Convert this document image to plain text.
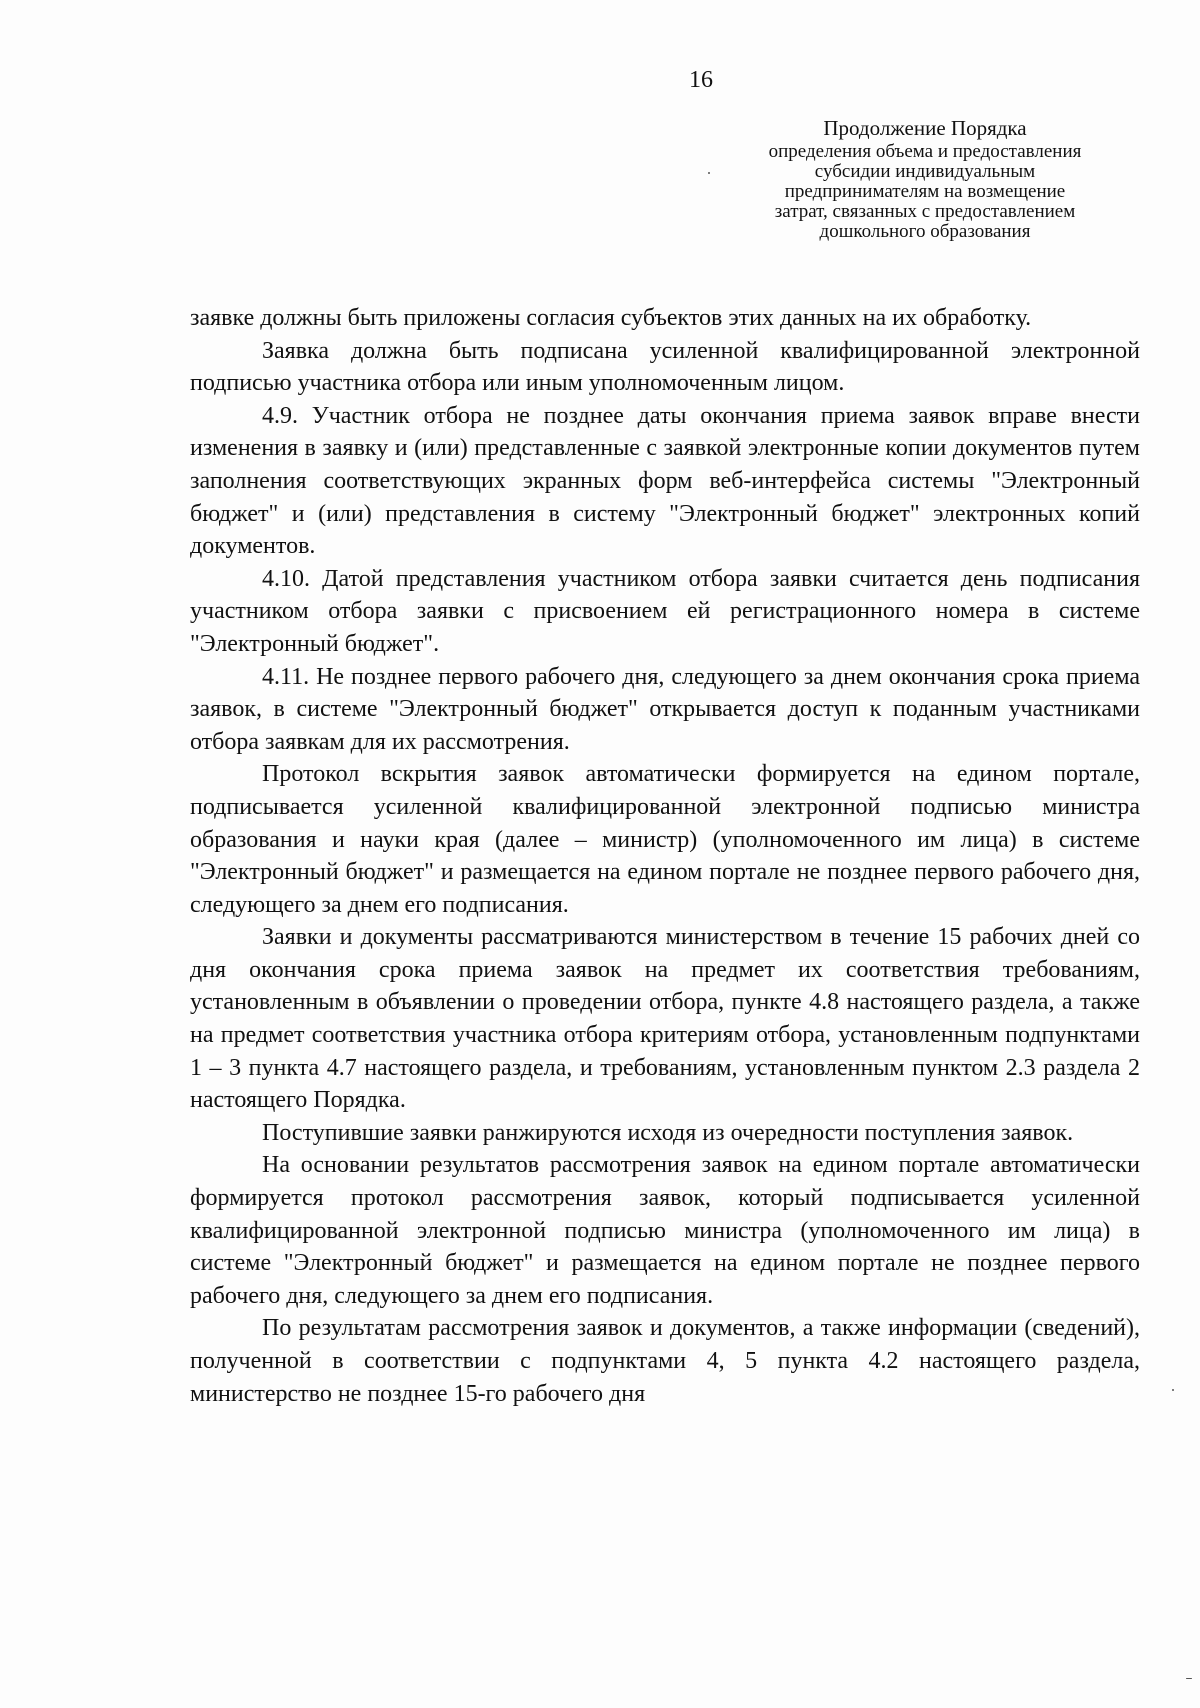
16

Продолжение Порядка
определения объема и предоставления субсидии индивидуальным предпринимателям на возмещение затрат, связанных с предоставлением дошкольного образования

заявке должны быть приложены согласия субъектов этих данных на их обработку.

Заявка должна быть подписана усиленной квалифицированной электронной подписью участника отбора или иным уполномоченным лицом.

4.9. Участник отбора не позднее даты окончания приема заявок вправе внести изменения в заявку и (или) представленные с заявкой электронные копии документов путем заполнения соответствующих экранных форм веб-интерфейса системы "Электронный бюджет" и (или) представления в систему "Электронный бюджет" электронных копий документов.

4.10. Датой представления участником отбора заявки считается день подписания участником отбора заявки с присвоением ей регистрационного номера в системе "Электронный бюджет".

4.11. Не позднее первого рабочего дня, следующего за днем окончания срока приема заявок, в системе "Электронный бюджет" открывается доступ к поданным участниками отбора заявкам для их рассмотрения.

Протокол вскрытия заявок автоматически формируется на едином портале, подписывается усиленной квалифицированной электронной подписью министра образования и науки края (далее – министр) (уполномоченного им лица) в системе "Электронный бюджет" и размещается на едином портале не позднее первого рабочего дня, следующего за днем его подписания.

Заявки и документы рассматриваются министерством в течение 15 рабочих дней со дня окончания срока приема заявок на предмет их соответствия требованиям, установленным в объявлении о проведении отбора, пункте 4.8 настоящего раздела, а также на предмет соответствия участника отбора критериям отбора, установленным подпунктами 1 – 3 пункта 4.7 настоящего раздела, и требованиям, установленным пунктом 2.3 раздела 2 настоящего Порядка.

Поступившие заявки ранжируются исходя из очередности поступления заявок.

На основании результатов рассмотрения заявок на едином портале автоматически формируется протокол рассмотрения заявок, который подписывается усиленной квалифицированной электронной подписью министра (уполномоченного им лица) в системе "Электронный бюджет" и размещается на едином портале не позднее первого рабочего дня, следующего за днем его подписания.

По результатам рассмотрения заявок и документов, а также информации (сведений), полученной в соответствии с подпунктами 4, 5 пункта 4.2 настоящего раздела, министерство не позднее 15-го рабочего дня
